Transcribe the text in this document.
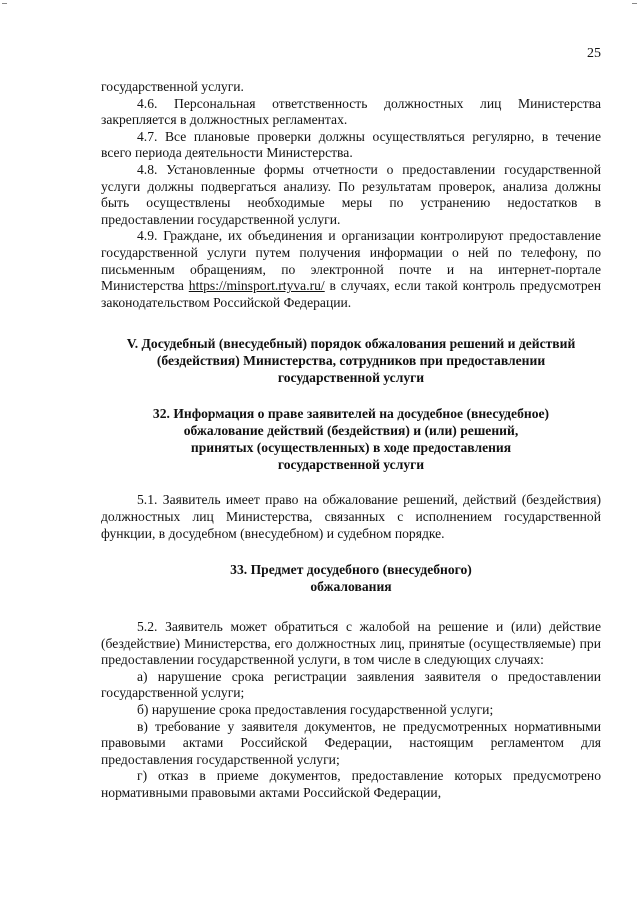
25

государственной услуги.

4.6. Персональная ответственность должностных лиц Министерства закрепляется в должностных регламентах.

4.7. Все плановые проверки должны осуществляться регулярно, в течение всего периода деятельности Министерства.

4.8. Установленные формы отчетности о предоставлении государственной услуги должны подвергаться анализу. По результатам проверок, анализа должны быть осуществлены необходимые меры по устранению недостатков в предоставлении государственной услуги.

4.9. Граждане, их объединения и организации контролируют предоставление государственной услуги путем получения информации о ней по телефону, по письменным обращениям, по электронной почте и на интернет-портале Министерства https://minsport.rtyva.ru/ в случаях, если такой контроль предусмотрен законодательством Российской Федерации.

V. Досудебный (внесудебный) порядок обжалования решений и действий
(бездействия) Министерства, сотрудников при предоставлении
государственной услуги
32. Информация о праве заявителей на досудебное (внесудебное)
обжалование действий (бездействия) и (или) решений,
принятых (осуществленных) в ходе предоставления
государственной услуги

5.1. Заявитель имеет право на обжалование решений, действий (бездействия) должностных лиц Министерства, связанных с исполнением государственной функции, в досудебном (внесудебном) и судебном порядке.

33. Предмет досудебного (внесудебного)
обжалования

5.2. Заявитель может обратиться с жалобой на решение и (или) действие (бездействие) Министерства, его должностных лиц, принятые (осуществляемые) при предоставлении государственной услуги, в том числе в следующих случаях:

а) нарушение срока регистрации заявления заявителя о предоставлении государственной услуги;

б) нарушение срока предоставления государственной услуги;

в) требование у заявителя документов, не предусмотренных нормативными правовыми актами Российской Федерации, настоящим регламентом для предоставления государственной услуги;

г) отказ в приеме документов, предоставление которых предусмотрено нормативными правовыми актами Российской Федерации,
